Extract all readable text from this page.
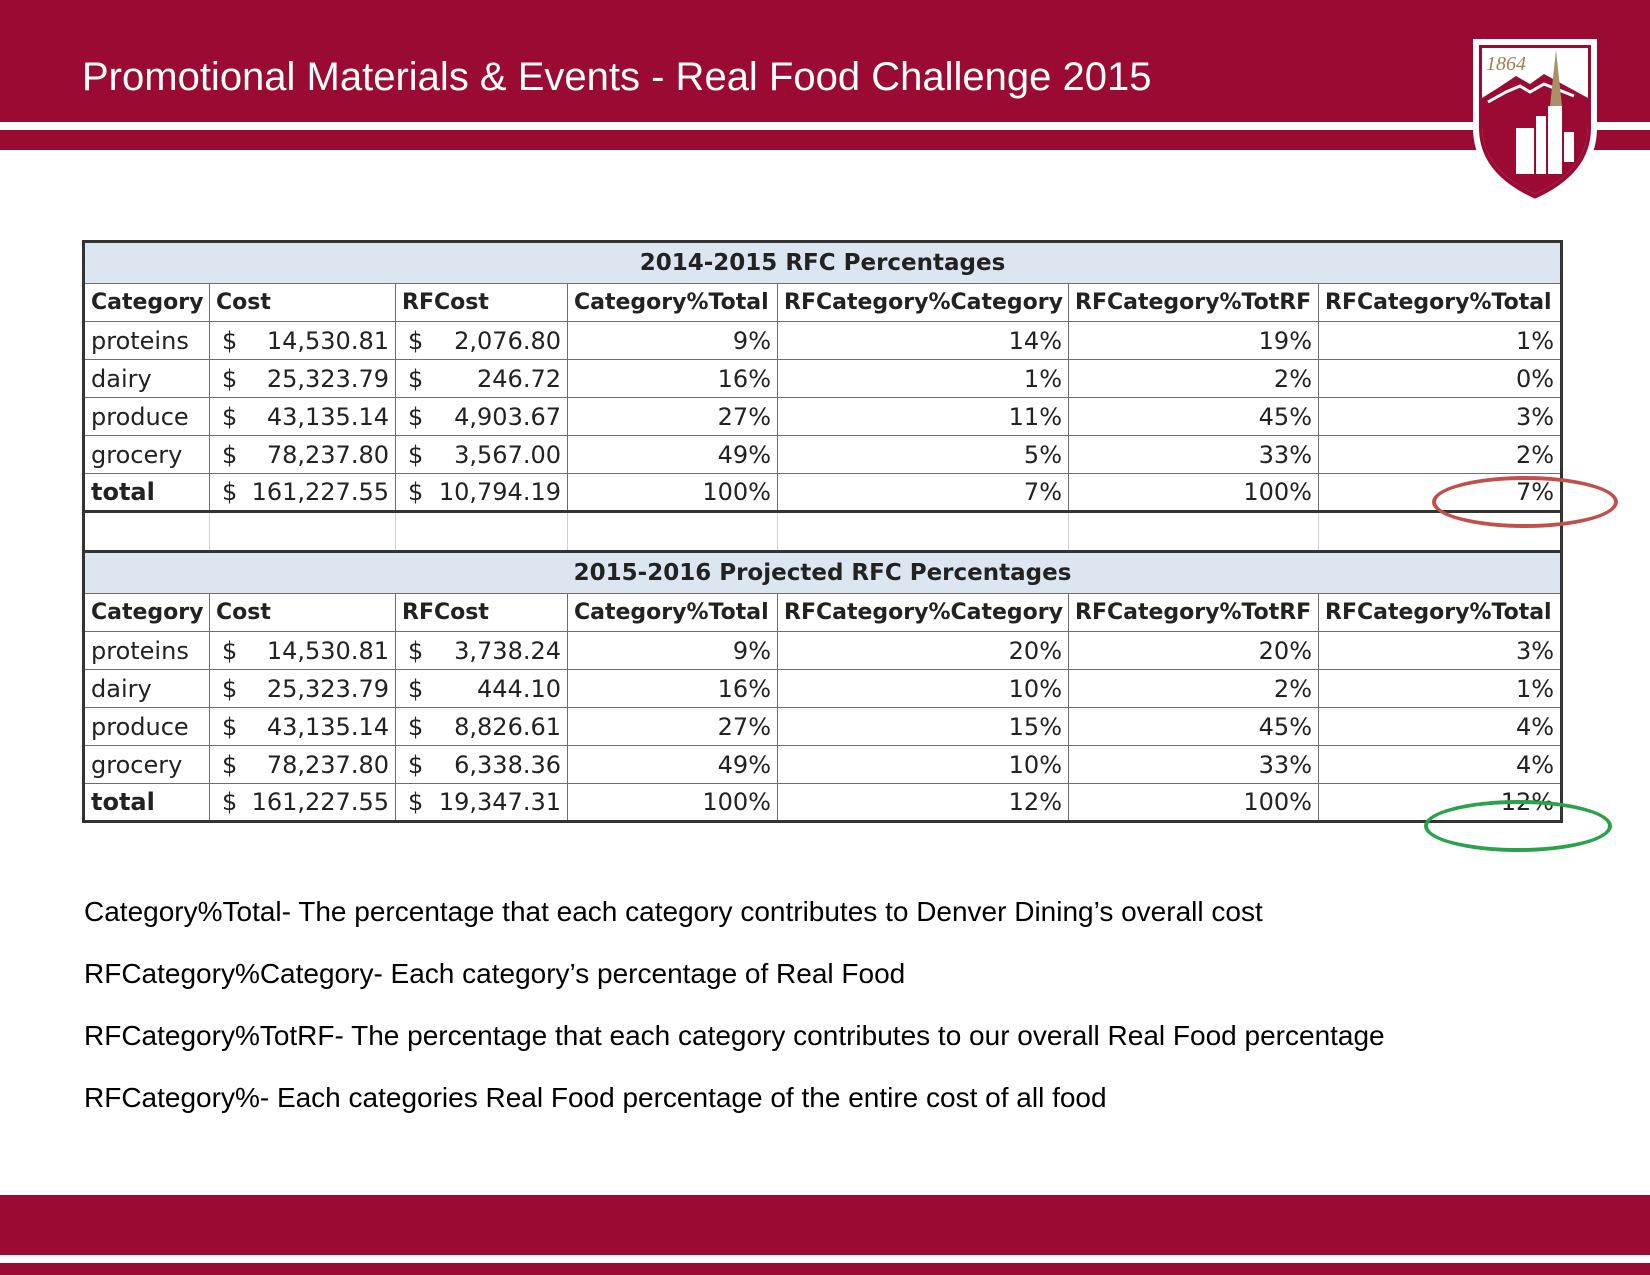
Promotional Materials & Events - Real Food Challenge 2015	1864
2014-2015 RFC Percentages						
Category	Cost	RFCost	Category%Total	RFCategory%Category	RFCategory%TotRF	RFCategory%Total
proteins	$ 14,530.81	$ 2,076.80	9%	14%	19%	1%
dairy	$ 25,323.79	$ 246.72	16%	1%	2%	0%
produce	$ 43,135.14	$ 4,903.67	27%	11%	45%	3%
grocery	$ 78,237.80	$ 3,567.00	49%	5%	33%	2%
total	$ 161,227.55	$ 10,794.19	100%	7%	100%	7%

2015-2016 Projected RFC Percentages						
Category	Cost	RFCost	Category%Total	RFCategory%Category	RFCategory%TotRF	RFCategory%Total
proteins	$ 14,530.81	$ 3,738.24	9%	20%	20%	3%
dairy	$ 25,323.79	$ 444.10	16%	10%	2%	1%
produce	$ 43,135.14	$ 8,826.61	27%	15%	45%	4%
grocery	$ 78,237.80	$ 6,338.36	49%	10%	33%	4%
total	$ 161,227.55	$ 19,347.31	100%	12%	100%	12%
Category%Total- The percentage that each category contributes to Denver Dining’s overall cost
RFCategory%Category- Each category’s percentage of Real Food
RFCategory%TotRF- The percentage that each category contributes to our overall Real Food percentage
RFCategory%- Each categories Real Food percentage of the entire cost of all food
